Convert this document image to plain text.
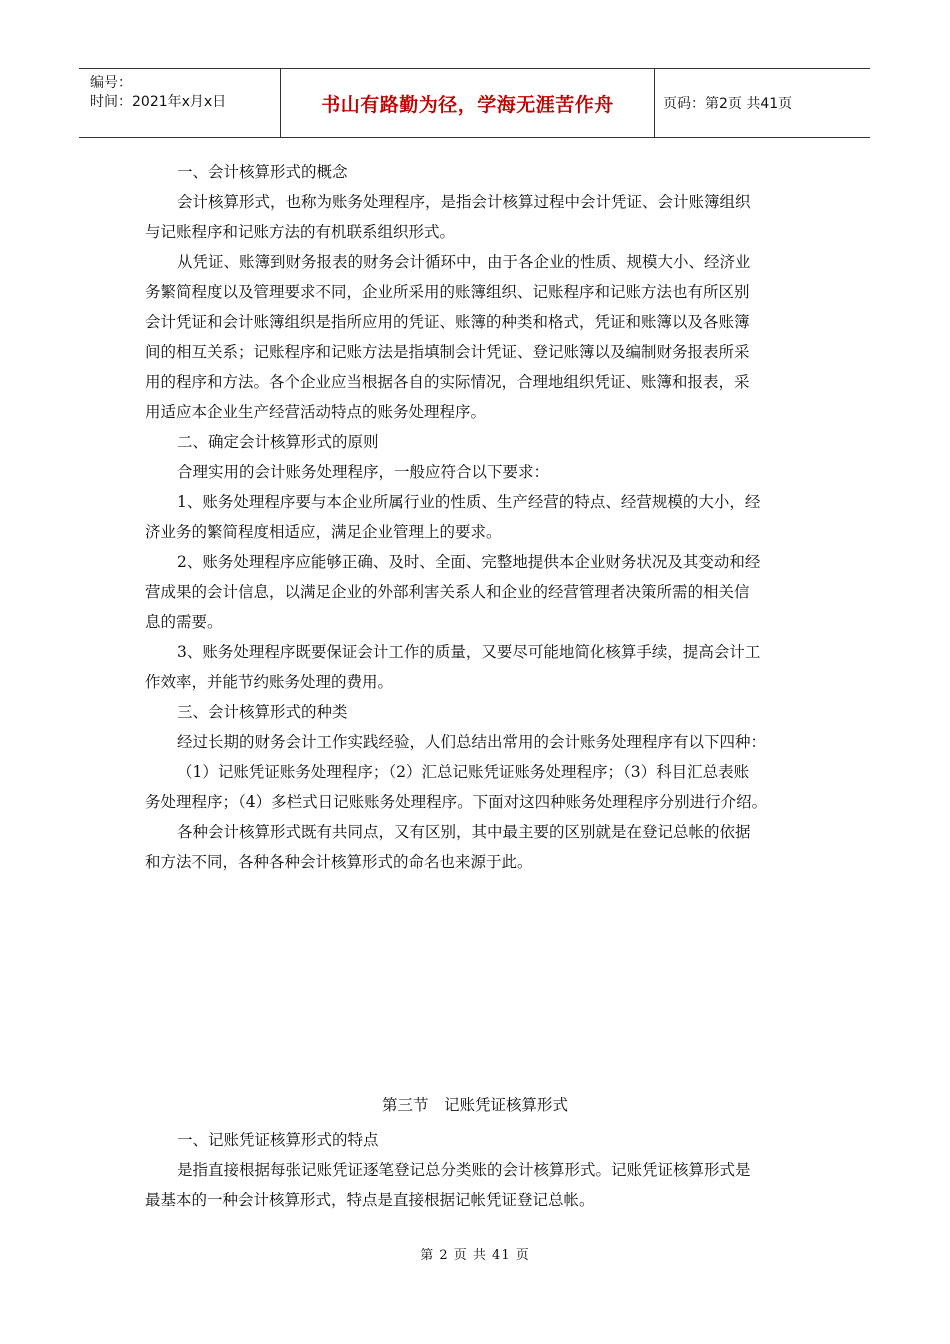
编号：
时间：2021年x月x日	书山有路勤为径，学海无涯苦作舟	页码：第2页 共41页

一、会计核算形式的概念

会计核算形式，也称为账务处理程序，是指会计核算过程中会计凭证、会计账簿组织

与记账程序和记账方法的有机联系组织形式。

从凭证、账簿到财务报表的财务会计循环中，由于各企业的性质、规模大小、经济业

务繁简程度以及管理要求不同，企业所采用的账簿组织、记账程序和记账方法也有所区别

会计凭证和会计账簿组织是指所应用的凭证、账簿的种类和格式，凭证和账簿以及各账簿

间的相互关系；记账程序和记账方法是指填制会计凭证、登记账簿以及编制财务报表所采

用的程序和方法。各个企业应当根据各自的实际情况，合理地组织凭证、账簿和报表，采

用适应本企业生产经营活动特点的账务处理程序。

二、确定会计核算形式的原则

合理实用的会计账务处理程序，一般应符合以下要求：

1、账务处理程序要与本企业所属行业的性质、生产经营的特点、经营规模的大小，经

济业务的繁简程度相适应，满足企业管理上的要求。

2、账务处理程序应能够正确、及时、全面、完整地提供本企业财务状况及其变动和经

营成果的会计信息，以满足企业的外部利害关系人和企业的经营管理者决策所需的相关信

息的需要。

3、账务处理程序既要保证会计工作的质量，又要尽可能地简化核算手续，提高会计工

作效率，并能节约账务处理的费用。

三、会计核算形式的种类

经过长期的财务会计工作实践经验，人们总结出常用的会计账务处理程序有以下四种：

（1）记账凭证账务处理程序；（2）汇总记账凭证账务处理程序；（3）科目汇总表账

务处理程序；（4）多栏式日记账账务处理程序。下面对这四种账务处理程序分别进行介绍。

各种会计核算形式既有共同点，又有区别，其中最主要的区别就是在登记总帐的依据

和方法不同，各种各种会计核算形式的命名也来源于此。

第三节　记账凭证核算形式

一、记账凭证核算形式的特点

是指直接根据每张记账凭证逐笔登记总分类账的会计核算形式。记账凭证核算形式是

最基本的一种会计核算形式，特点是直接根据记帐凭证登记总帐。

第 2 页 共 41 页
